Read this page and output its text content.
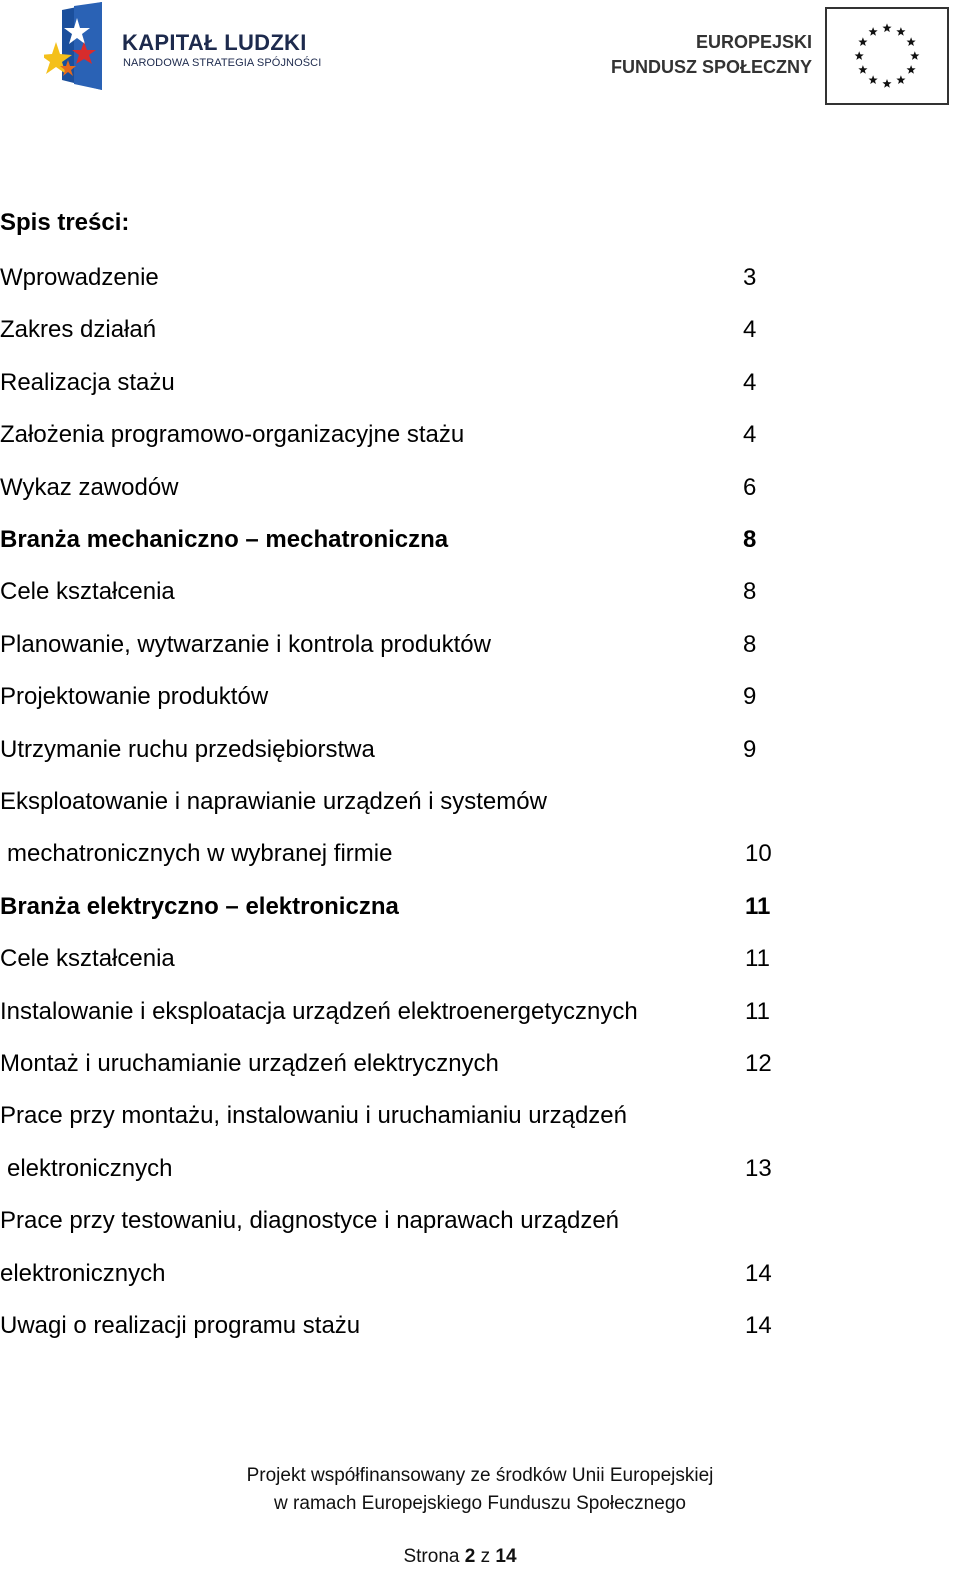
KAPITAŁ LUDZKI
NARODOWA STRATEGIA SPÓJNOŚCI
EUROPEJSKI
FUNDUSZ SPOŁECZNY
Spis treści:
Wprowadzenie	3
Zakres działań	4
Realizacja stażu	4
Założenia programowo-organizacyjne stażu	4
Wykaz zawodów	6
Branża mechaniczno – mechatroniczna	8
Cele kształcenia	8
Planowanie, wytwarzanie i kontrola produktów	8
Projektowanie produktów	9
Utrzymanie ruchu przedsiębiorstwa	9
Eksploatowanie i naprawianie urządzeń i systemów
mechatronicznych w wybranej firmie	10
Branża elektryczno – elektroniczna	11
Cele kształcenia	11
Instalowanie i eksploatacja urządzeń elektroenergetycznych	11
Montaż i uruchamianie urządzeń elektrycznych	12
Prace przy montażu, instalowaniu i uruchamianiu urządzeń
elektronicznych	13
Prace przy testowaniu, diagnostyce i naprawach urządzeń
elektronicznych	14
Uwagi o realizacji programu stażu	14
Projekt współfinansowany ze środków Unii Europejskiej
w ramach Europejskiego Funduszu Społecznego
Strona 2 z 14
